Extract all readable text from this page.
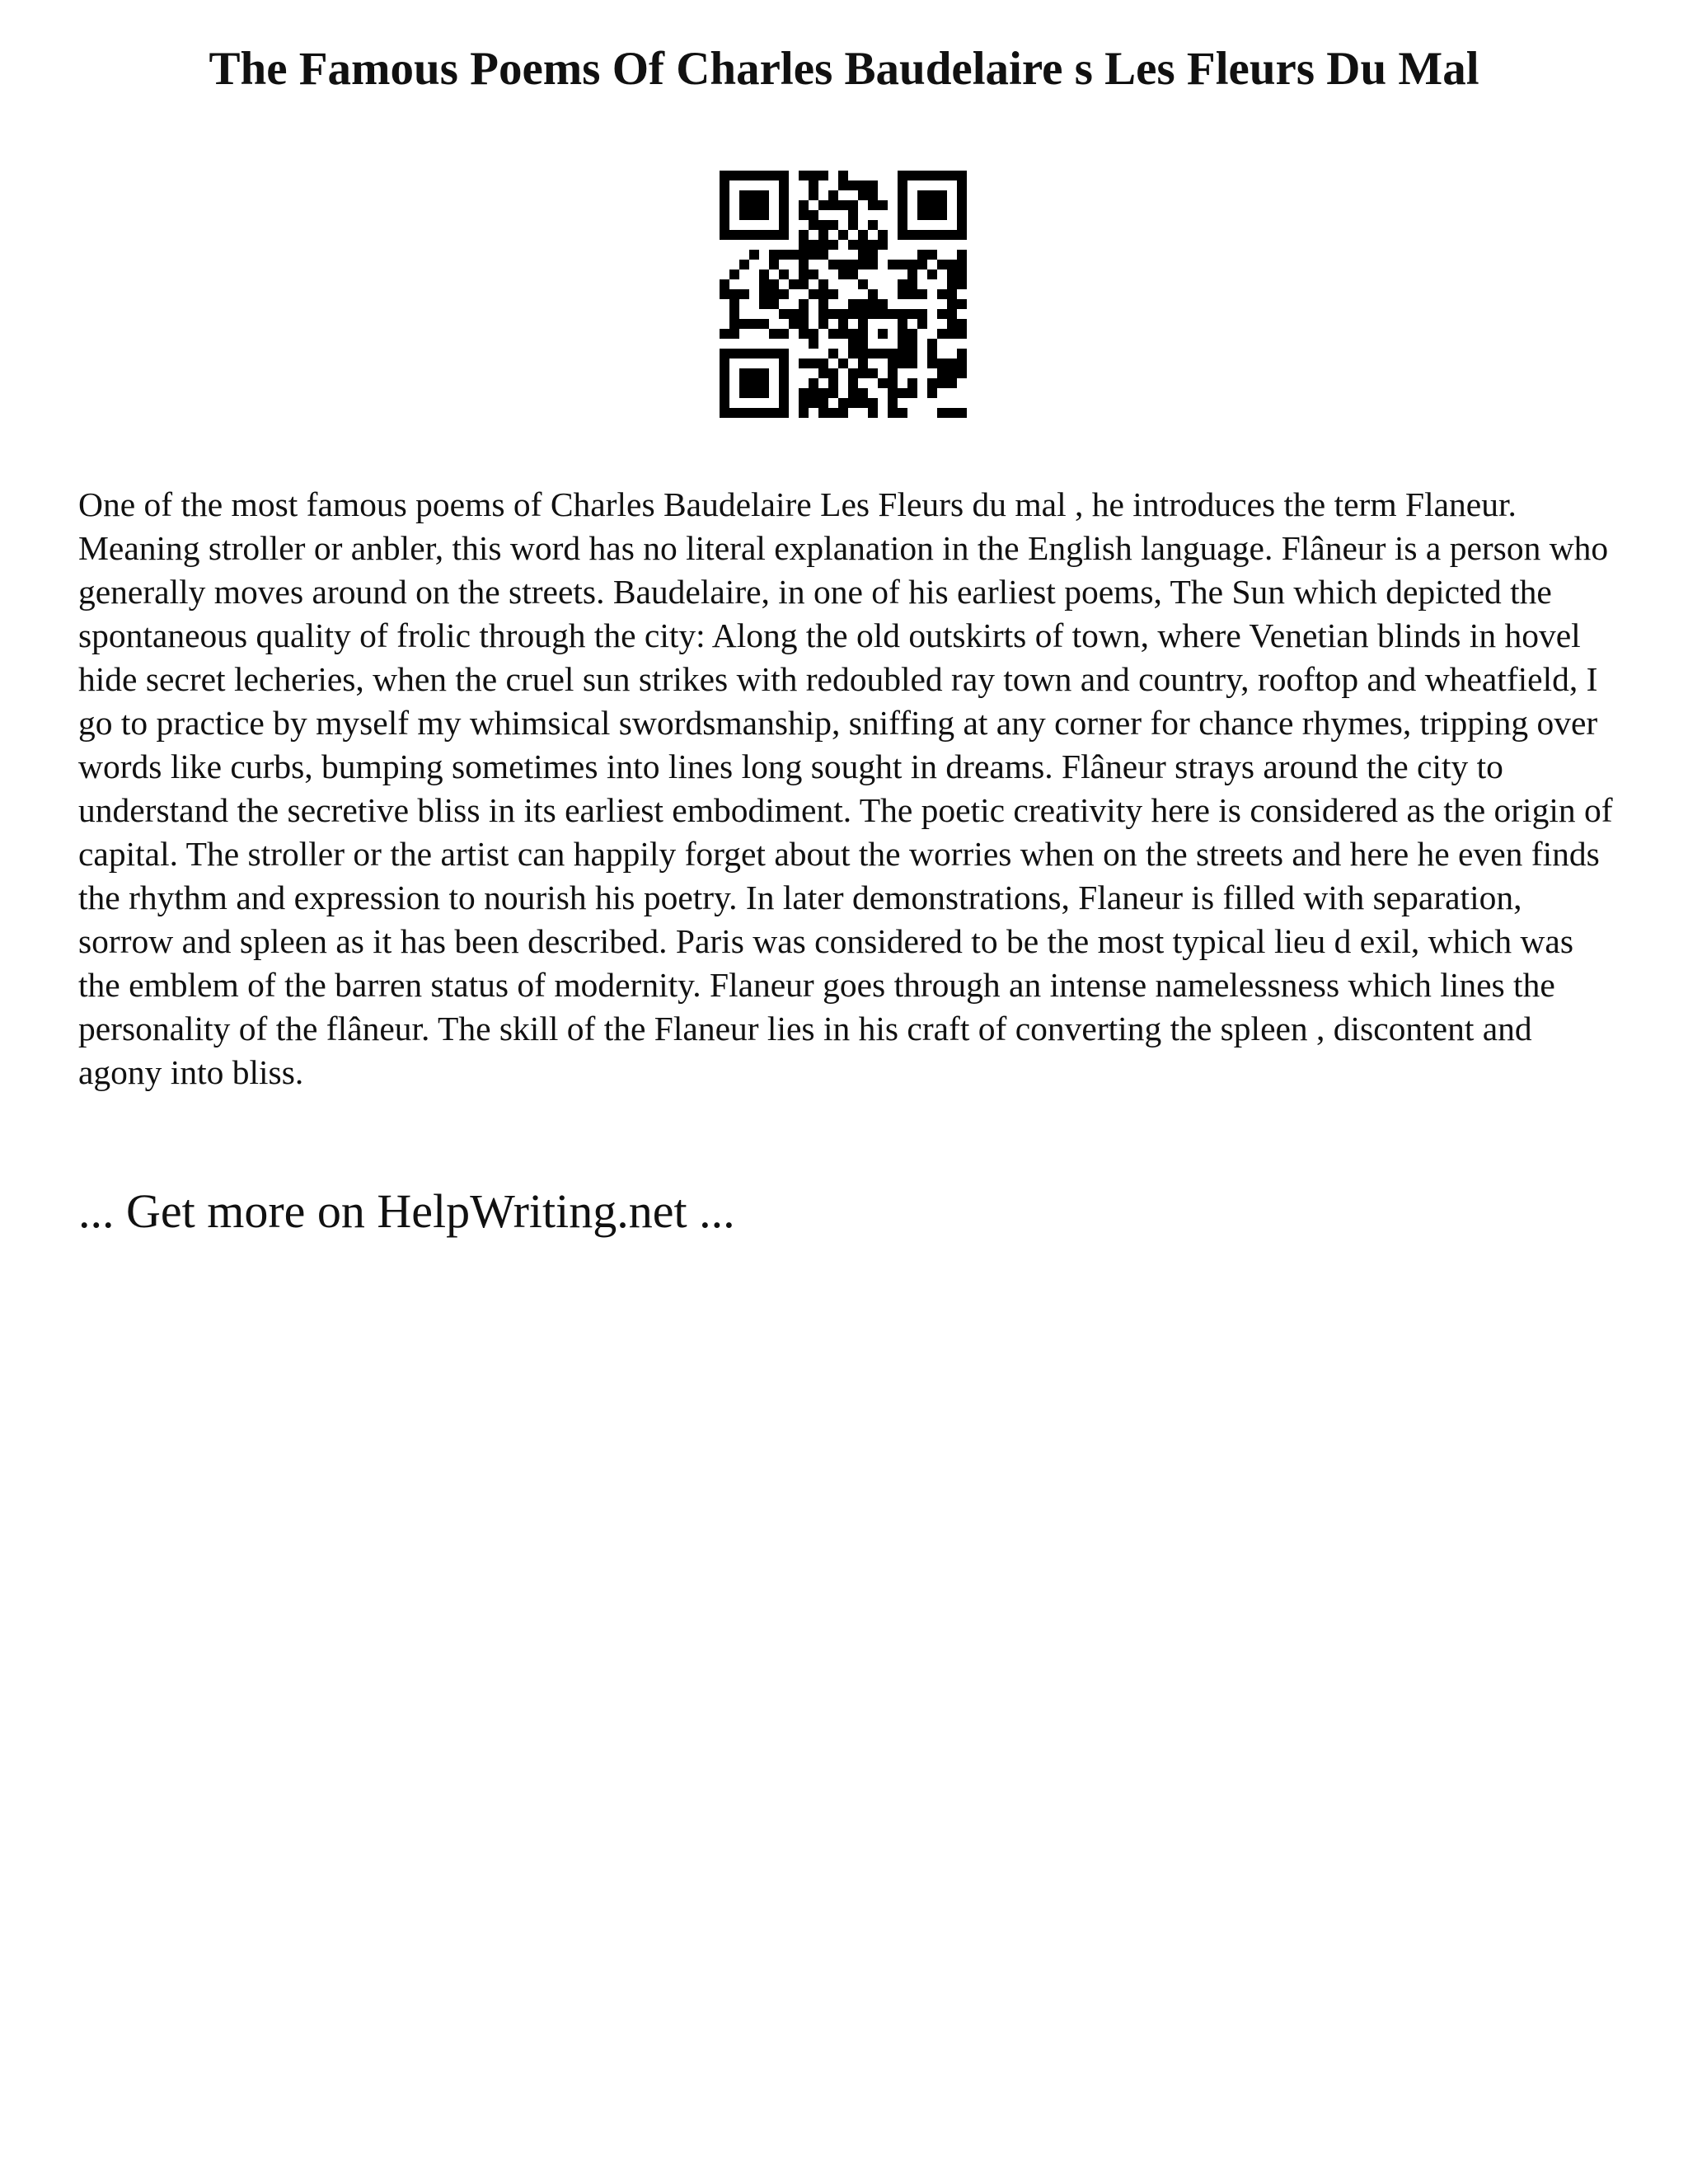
The Famous Poems Of Charles Baudelaire s Les Fleurs Du Mal

One of the most famous poems of Charles Baudelaire Les Fleurs du mal , he introduces the term Flaneur. Meaning stroller or anbler, this word has no literal explanation in the English language. Flâneur is a person who generally moves around on the streets. Baudelaire, in one of his earliest poems, The Sun which depicted the spontaneous quality of frolic through the city: Along the old outskirts of town, where Venetian blinds in hovel hide secret lecheries, when the cruel sun strikes with redoubled ray town and country, rooftop and wheatfield, I go to practice by myself my whimsical swordsmanship, sniffing at any corner for chance rhymes, tripping over words like curbs, bumping sometimes into lines long sought in dreams. Flâneur strays around the city to understand the secretive bliss in its earliest embodiment. The poetic creativity here is considered as the origin of capital. The stroller or the artist can happily forget about the worries when on the streets and here he even finds the rhythm and expression to nourish his poetry. In later demonstrations, Flaneur is filled with separation, sorrow and spleen as it has been described. Paris was considered to be the most typical lieu d exil, which was the emblem of the barren status of modernity. Flaneur goes through an intense namelessness which lines the personality of the flâneur. The skill of the Flaneur lies in his craft of converting the spleen , discontent and agony into bliss.

... Get more on HelpWriting.net ...
